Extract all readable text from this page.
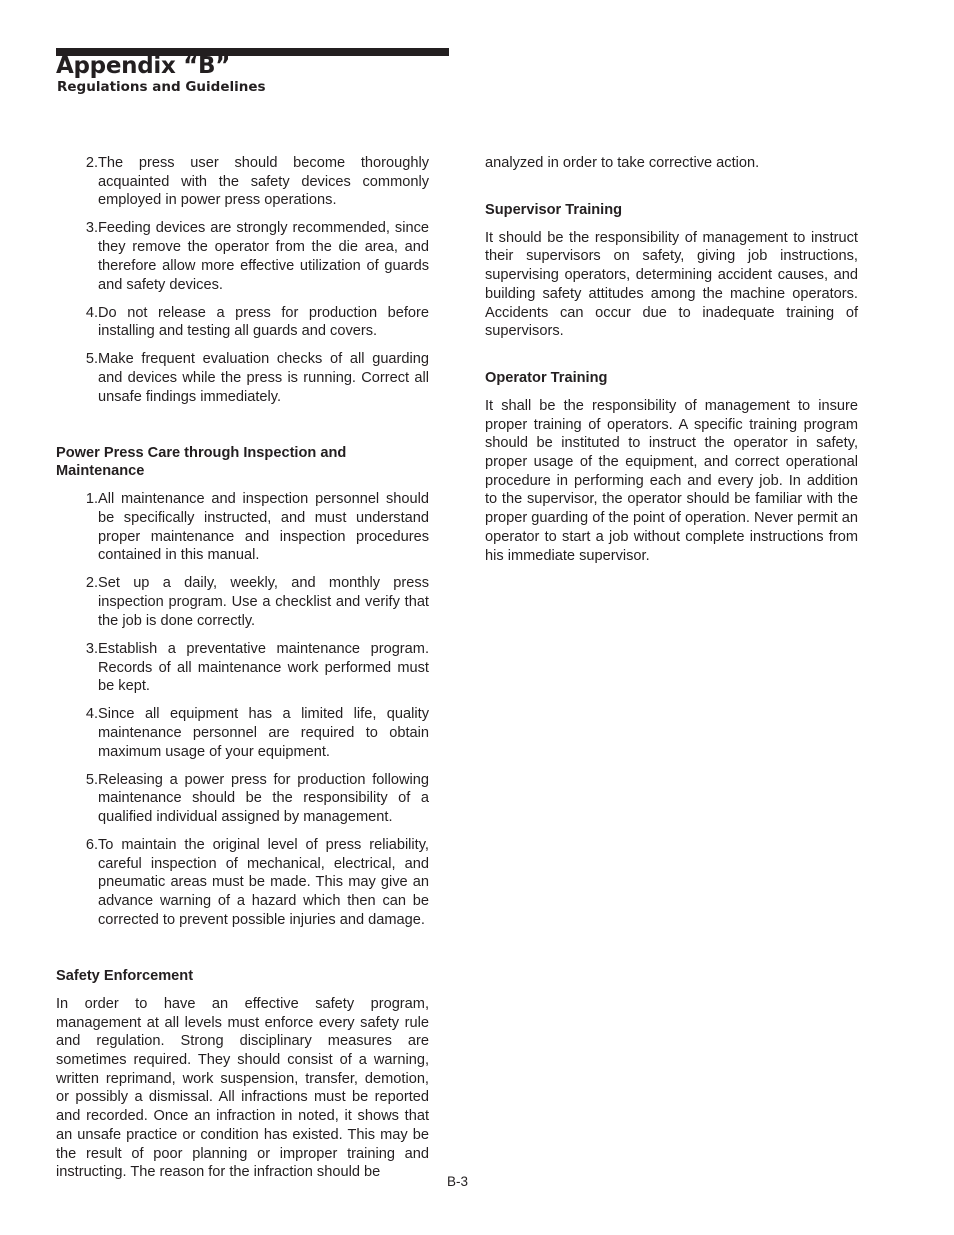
Appendix “B”
Regulations and Guidelines
2. The press user should become thoroughly acquainted with the safety devices commonly employed in power press operations.
3. Feeding devices are strongly recommended, since they remove the operator from the die area, and therefore allow more effective utilization of guards and safety devices.
4. Do not release a press for production before installing and testing all guards and covers.
5. Make frequent evaluation checks of all guarding and devices while the press is running. Correct all unsafe findings immediately.

Power Press Care through Inspection and Maintenance

1. All maintenance and inspection personnel should be specifically instructed, and must understand proper maintenance and inspection procedures contained in this manual.
2. Set up a daily, weekly, and monthly press inspection program. Use a checklist and verify that the job is done correctly.
3. Establish a preventative maintenance program. Records of all maintenance work performed must be kept.
4. Since all equipment has a limited life, quality maintenance personnel are required to obtain maximum usage of your equipment.
5. Releasing a power press for production following maintenance should be the responsibility of a qualified individual assigned by management.
6. To maintain the original level of press reliability, careful inspection of mechanical, electrical, and pneumatic areas must be made. This may give an advance warning of a hazard which then can be corrected to prevent possible injuries and damage.

Safety Enforcement

In order to have an effective safety program, management at all levels must enforce every safety rule and regulation. Strong disciplinary measures are sometimes required. They should consist of a warning, written reprimand, work suspension, transfer, demotion, or possibly a dismissal. All infractions must be reported and recorded. Once an infraction in noted, it shows that an unsafe practice or condition has existed. This may be the result of poor planning or improper training and instructing. The reason for the infraction should be

analyzed in order to take corrective action.

Supervisor Training

It should be the responsibility of management to instruct their supervisors on safety, giving job instructions, supervising operators, determining accident causes, and building safety attitudes among the machine operators. Accidents can occur due to inadequate training of supervisors.

Operator Training

It shall be the responsibility of management to insure proper training of operators. A specific training program should be instituted to instruct the operator in safety, proper usage of the equipment, and correct operational procedure in performing each and every job. In addition to the supervisor, the operator should be familiar with the proper guarding of the point of operation. Never permit an operator to start a job without complete instructions from his immediate supervisor.

B-3
